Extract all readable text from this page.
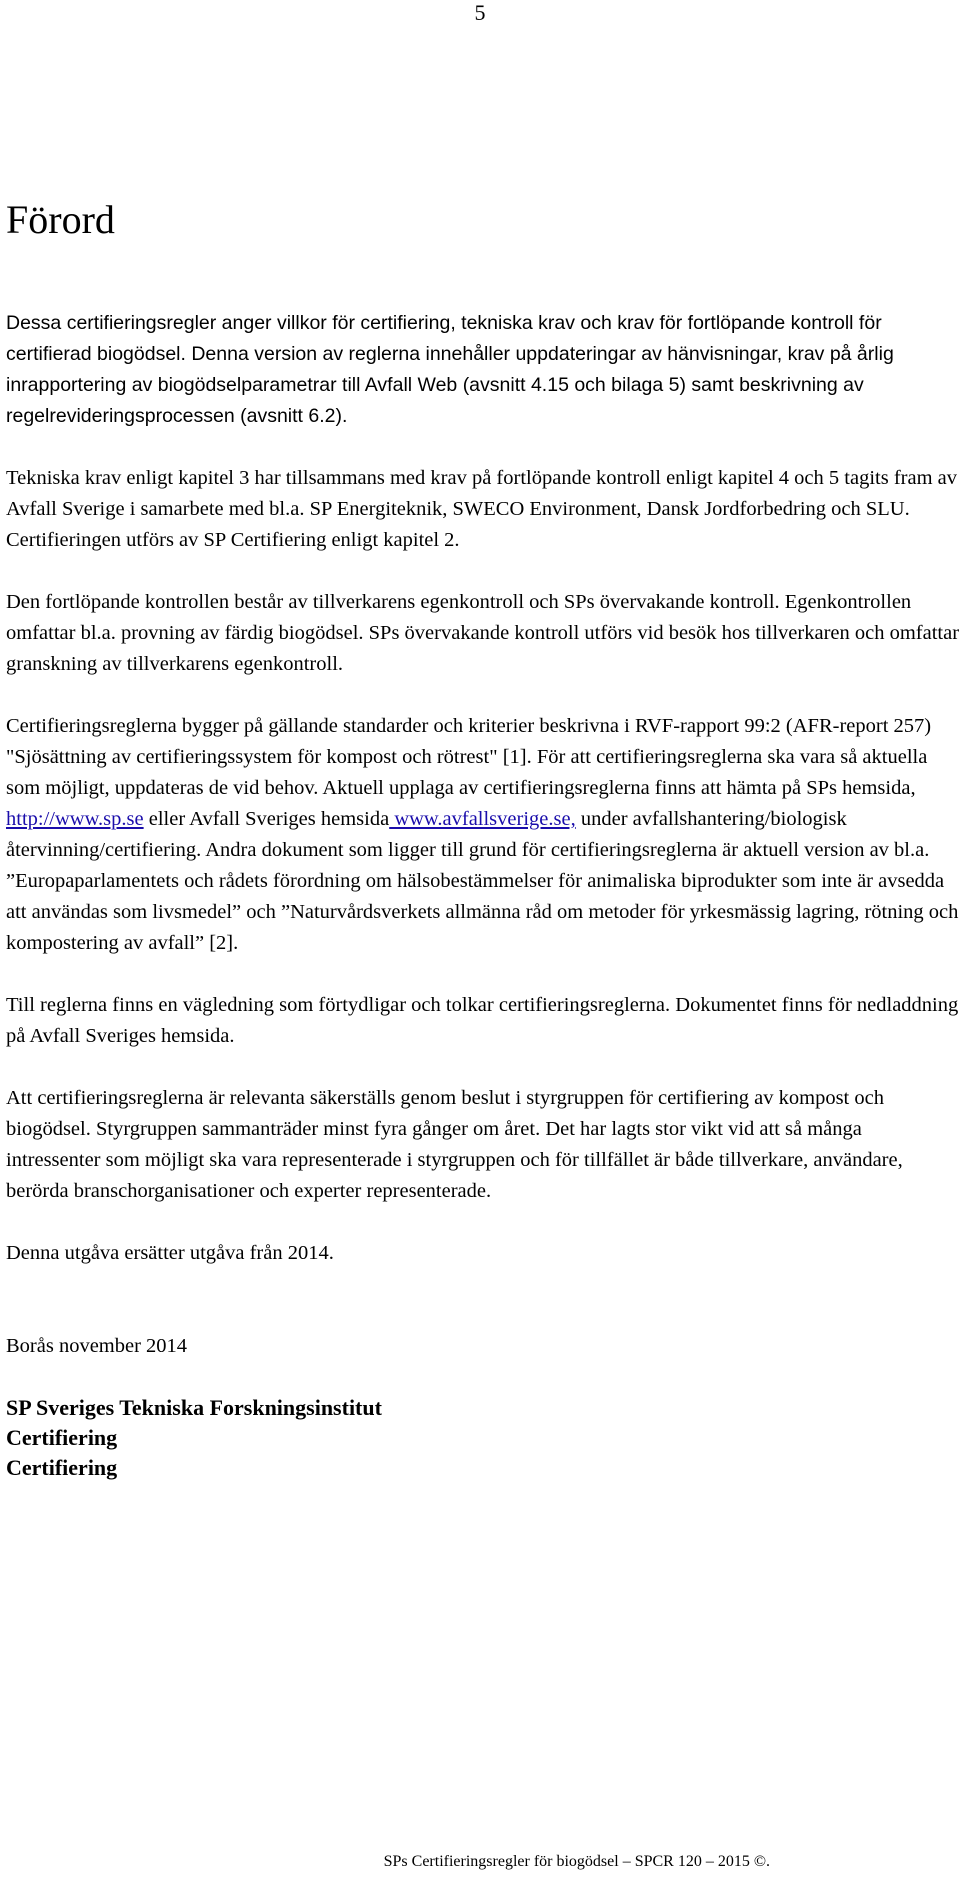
5
Förord

Dessa certifieringsregler anger villkor för certifiering, tekniska krav och krav för fortlöpande kontroll för certifierad biogödsel. Denna version av reglerna innehåller uppdateringar av hänvisningar, krav på årlig inrapportering av biogödselparametrar till Avfall Web (avsnitt 4.15 och bilaga 5) samt beskrivning av regelrevideringsprocessen (avsnitt 6.2).

Tekniska krav enligt kapitel 3 har tillsammans med krav på fortlöpande kontroll enligt kapitel 4 och 5 tagits fram av Avfall Sverige i samarbete med bl.a. SP Energiteknik, SWECO Environment, Dansk Jordforbedring och SLU. Certifieringen utförs av SP Certifiering enligt kapitel 2.

Den fortlöpande kontrollen består av tillverkarens egenkontroll och SPs övervakande kontroll. Egenkontrollen omfattar bl.a. provning av färdig biogödsel. SPs övervakande kontroll utförs vid besök hos tillverkaren och omfattar granskning av tillverkarens egenkontroll.

Certifieringsreglerna bygger på gällande standarder och kriterier beskrivna i RVF-rapport 99:2 (AFR-report 257) "Sjösättning av certifieringssystem för kompost och rötrest" [1]. För att certifieringsreglerna ska vara så aktuella som möjligt, uppdateras de vid behov. Aktuell upplaga av certifieringsreglerna finns att hämta på SPs hemsida, http://www.sp.se eller Avfall Sveriges hemsida www.avfallsverige.se, under avfallshantering/biologisk återvinning/certifiering. Andra dokument som ligger till grund för certifieringsreglerna är aktuell version av bl.a. ”Europaparlamentets och rådets förordning om hälsobestämmelser för animaliska biprodukter som inte är avsedda att användas som livsmedel” och ”Naturvårdsverkets allmänna råd om metoder för yrkesmässig lagring, rötning och kompostering av avfall” [2].

Till reglerna finns en vägledning som förtydligar och tolkar certifieringsreglerna. Dokumentet finns för nedladdning på Avfall Sveriges hemsida.

Att certifieringsreglerna är relevanta säkerställs genom beslut i styrgruppen för certifiering av kompost och biogödsel. Styrgruppen sammanträder minst fyra gånger om året. Det har lagts stor vikt vid att så många intressenter som möjligt ska vara representerade i styrgruppen och för tillfället är både tillverkare, användare, berörda branschorganisationer och experter representerade.

Denna utgåva ersätter utgåva från 2014.

Borås november 2014

SP Sveriges Tekniska Forskningsinstitut

Certifiering

Certifiering

SPs Certifieringsregler för biogödsel – SPCR 120 – 2015 ©.
